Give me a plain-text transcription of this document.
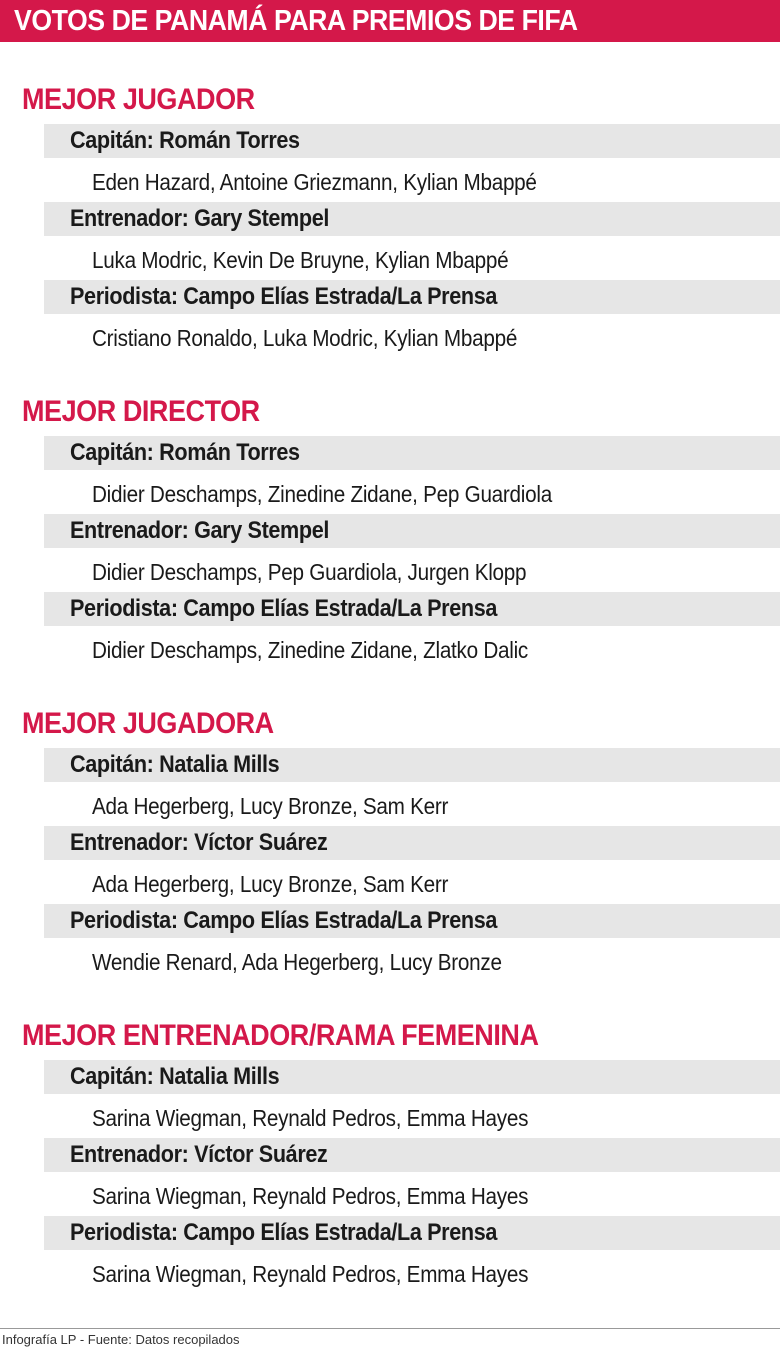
VOTOS DE PANAMÁ PARA PREMIOS DE FIFA
MEJOR JUGADOR
Capitán: Román Torres
Eden Hazard, Antoine Griezmann, Kylian Mbappé
Entrenador: Gary Stempel
Luka Modric, Kevin De Bruyne, Kylian Mbappé
Periodista: Campo Elías Estrada/La Prensa
Cristiano Ronaldo, Luka Modric, Kylian Mbappé
MEJOR DIRECTOR
Capitán: Román Torres
Didier Deschamps, Zinedine Zidane, Pep Guardiola
Entrenador: Gary Stempel
Didier Deschamps, Pep Guardiola, Jurgen Klopp
Periodista: Campo Elías Estrada/La Prensa
Didier Deschamps, Zinedine Zidane, Zlatko Dalic
MEJOR JUGADORA
Capitán: Natalia Mills
Ada Hegerberg, Lucy Bronze, Sam Kerr
Entrenador: Víctor Suárez
Ada Hegerberg, Lucy Bronze, Sam Kerr
Periodista: Campo Elías Estrada/La Prensa
Wendie Renard, Ada Hegerberg, Lucy Bronze
MEJOR ENTRENADOR/RAMA FEMENINA
Capitán: Natalia Mills
Sarina Wiegman, Reynald Pedros, Emma Hayes
Entrenador: Víctor Suárez
Sarina Wiegman, Reynald Pedros, Emma Hayes
Periodista: Campo Elías Estrada/La Prensa
Sarina Wiegman, Reynald Pedros, Emma Hayes
Infografía LP - Fuente: Datos recopilados
